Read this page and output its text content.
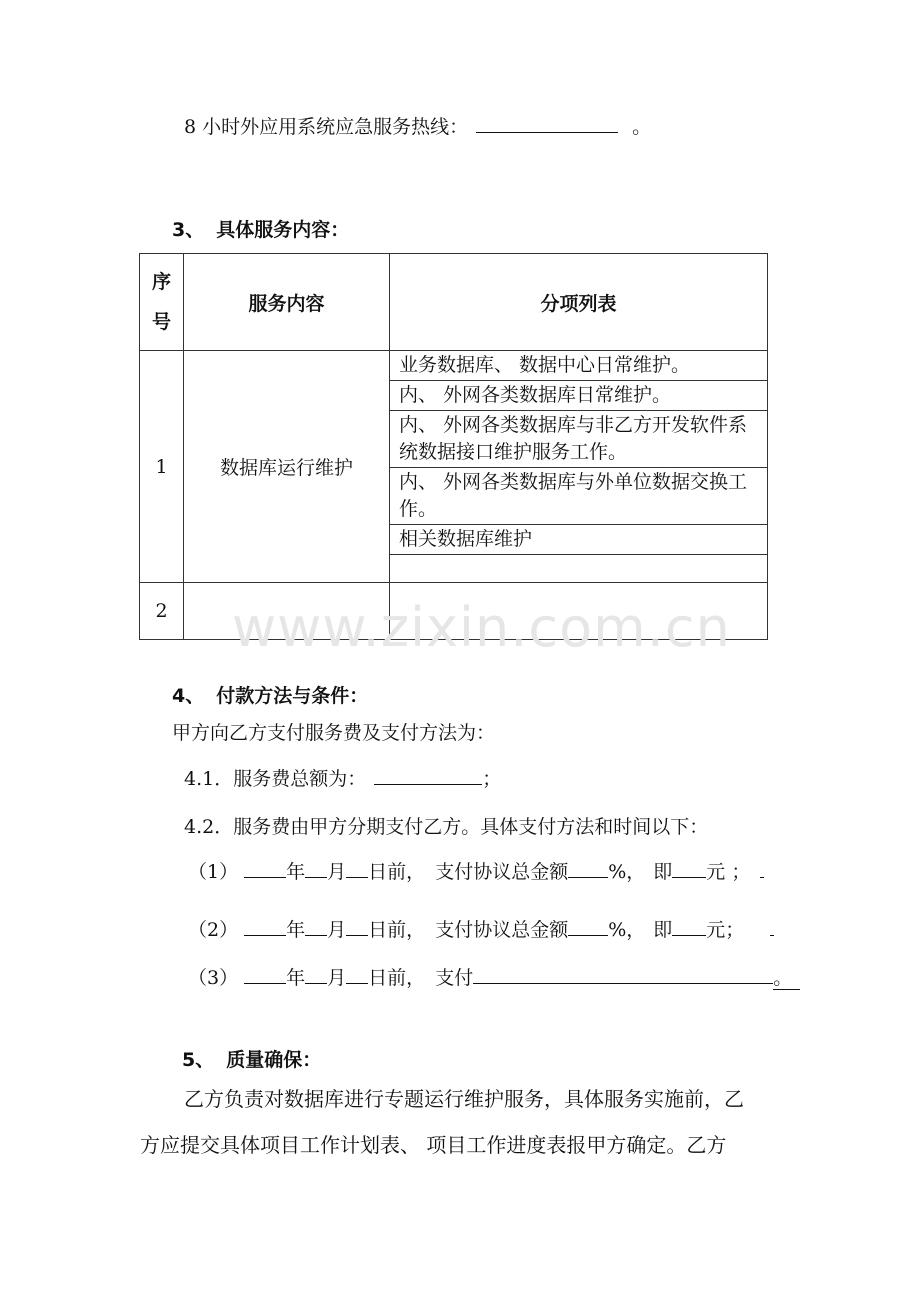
8 小时外应用系统应急服务热线：	。
3、 具体服务内容：
序
号	服务内容	分项列表
1	数据库运行维护	业务数据库、 数据中心日常维护。
		内、 外网各类数据库日常维护。
		内、 外网各类数据库与非乙方开发软件系统数据接口维护服务工作。
		内、 外网各类数据库与外单位数据交换工作。
		相关数据库维护

2		www.zixin.com.cn
4、 付款方法与条件：
甲方向乙方支付服务费及支付方法为：
4.1．服务费总额为：	；
4.2．服务费由甲方分期支付乙方。具体支付方法和时间以下：
（1）	年 月 日前， 支付协议总金额 %， 即 元 ；
（2）	年 月 日前， 支付协议总金额 %， 即 元；
（3）	年 月 日前， 支付	。
5、 质量确保：
乙方负责对数据库进行专题运行维护服务，具体服务实施前，乙
方应提交具体项目工作计划表、 项目工作进度表报甲方确定。乙方
